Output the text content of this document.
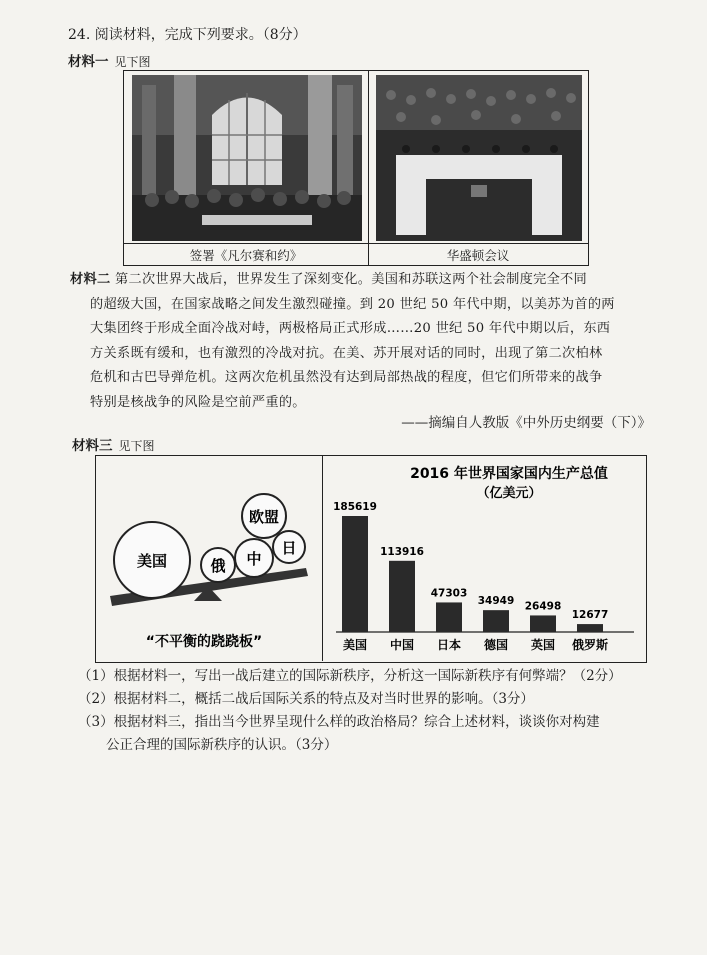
24. 阅读材料，完成下列要求。（8分）
材料一 见下图
签署《凡尔赛和约》	华盛顿会议
材料二 第二次世界大战后，世界发生了深刻变化。美国和苏联这两个社会制度完全不同
的超级大国，在国家战略之间发生激烈碰撞。到 20 世纪 50 年代中期，以美苏为首的两
大集团终于形成全面冷战对峙，两极格局正式形成……20 世纪 50 年代中期以后，东西
方关系既有缓和，也有激烈的冷战对抗。在美、苏开展对话的同时，出现了第二次柏林
危机和古巴导弹危机。这两次危机虽然没有达到局部热战的程度，但它们所带来的战争
特别是核战争的风险是空前严重的。
——摘编自人教版《中外历史纲要（下）》
材料三 见下图
美国	俄 中
日
欧盟
“不平衡的跷跷板”
2016 年世界国家国内生产总值
（亿美元）
185619
美国
113916
中国
47303
日本
34949
德国
26498
英国
12677
俄罗斯
（1）根据材料一，写出一战后建立的国际新秩序，分析这一国际新秩序有何弊端？（2分）
（2）根据材料二，概括二战后国际关系的特点及对当时世界的影响。（3分）
（3）根据材料三，指出当今世界呈现什么样的政治格局？综合上述材料，谈谈你对构建
公正合理的国际新秩序的认识。（3分）
